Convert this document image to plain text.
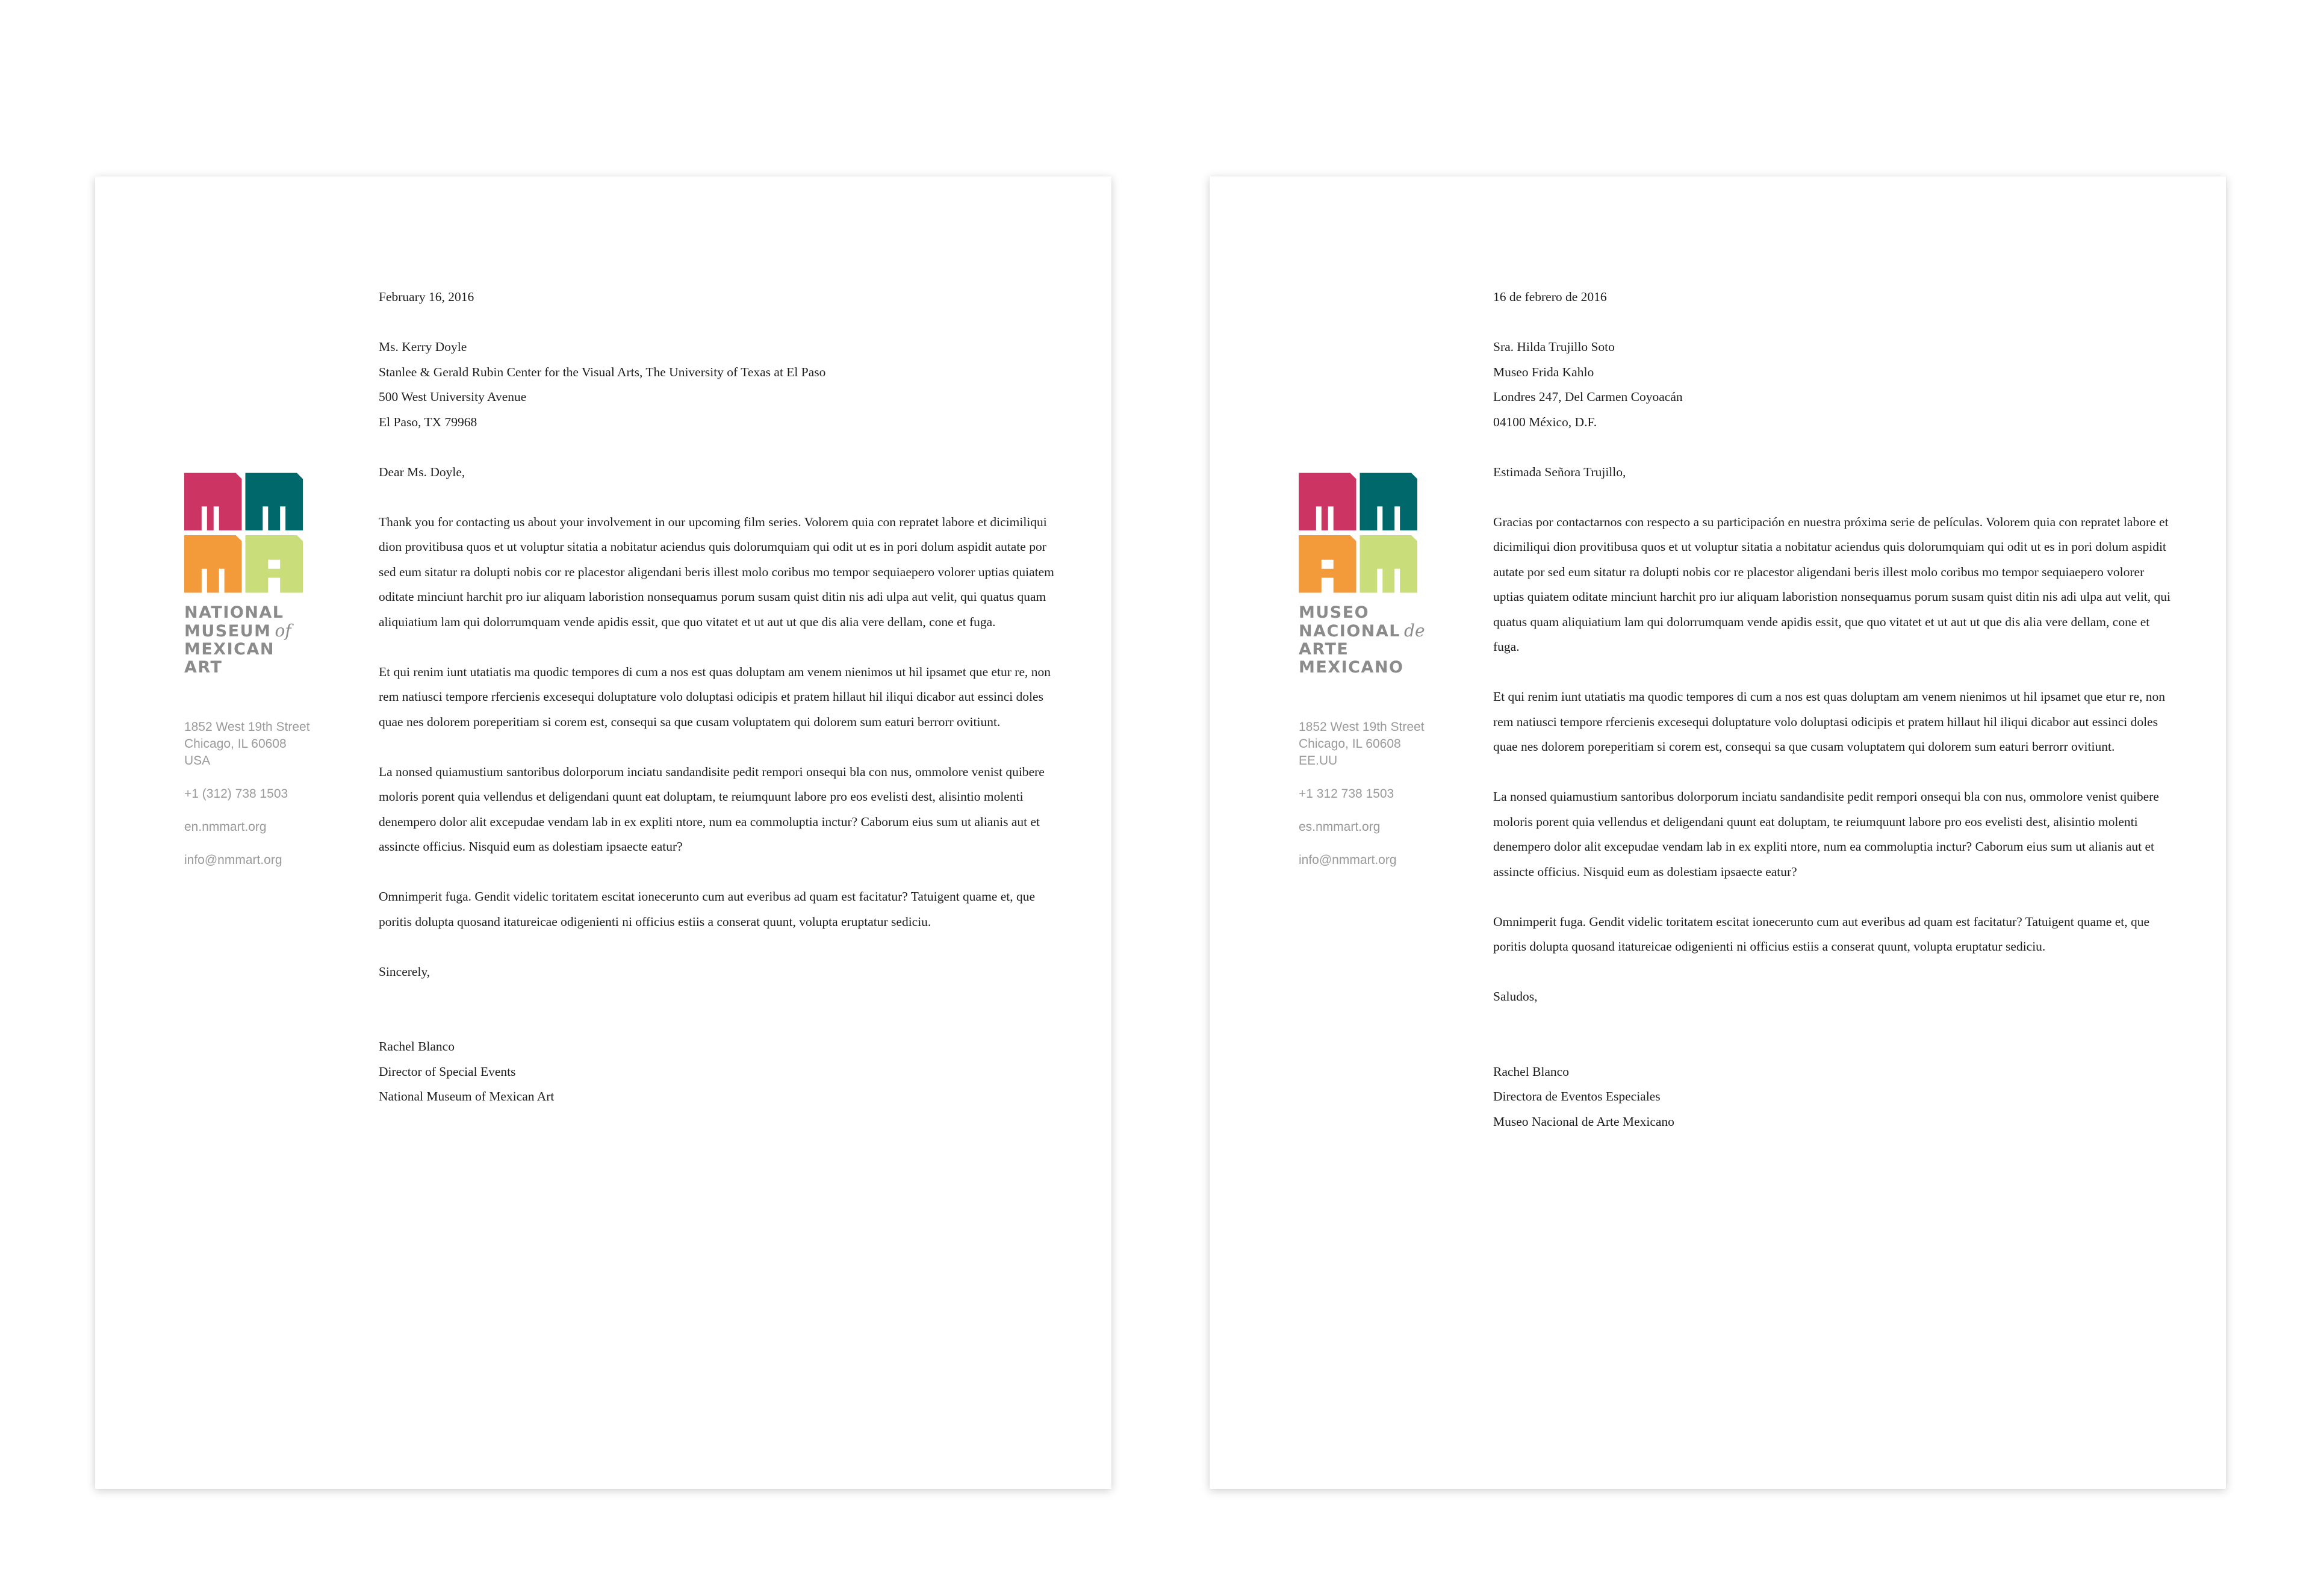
NATIONAL
MUSEUM of
MEXICAN
ART
1852 West 19th Street
Chicago, IL 60608
USA
+1 (312) 738 1503
en.nmmart.org
info@nmmart.org

February 16, 2016

Ms. Kerry Doyle
Stanlee & Gerald Rubin Center for the Visual Arts, The University of Texas at El Paso
500 West University Avenue
El Paso, TX 79968

Dear Ms. Doyle,

Thank you for contacting us about your involvement in our upcoming film series. Volorem quia con repratet labore et dicimiliqui dion provitibusa quos et ut voluptur sitatia a nobitatur aciendus quis dolorumquiam qui odit ut es in pori dolum aspidit autate por sed eum sitatur ra dolupti nobis cor re placestor aligendani beris illest molo coribus mo tempor sequiaepero volorer uptias quiatem oditate minciunt harchit pro iur aliquam laboristion nonsequamus porum susam quist ditin nis adi ulpa aut velit, qui quatus quam aliquiatium lam qui dolorrumquam vende apidis essit, que quo vitatet et ut aut ut que dis alia vere dellam, cone et fuga.

Et qui renim iunt utatiatis ma quodic tempores di cum a nos est quas doluptam am venem nienimos ut hil ipsamet que etur re, non rem natiusci tempore rfercienis excesequi doluptature volo doluptasi odicipis et pratem hillaut hil iliqui dicabor aut essinci doles quae nes dolorem poreperitiam si corem est, consequi sa que cusam voluptatem qui dolorem sum eaturi berrorr ovitiunt.

La nonsed quiamustium santoribus dolorporum inciatu sandandisite pedit rempori onsequi bla con nus, ommolore venist quibere moloris porent quia vellendus et deligendani quunt eat doluptam, te reiumquunt labore pro eos evelisti dest, alisintio molenti denempero dolor alit excepudae vendam lab in ex expliti ntore, num ea commoluptia inctur? Caborum eius sum ut alianis aut et assincte officius. Nisquid eum as dolestiam ipsaecte eatur?

Omnimperit fuga. Gendit videlic toritatem escitat ionecerunto cum aut everibus ad quam est facitatur? Tatuigent quame et, que poritis dolupta quosand itatureicae odigenienti ni officius estiis a conserat quunt, volupta eruptatur sediciu.

Sincerely,

Rachel Blanco
Director of Special Events
National Museum of Mexican Art

MUSEO
NACIONAL de
ARTE
MEXICANO
1852 West 19th Street
Chicago, IL 60608
EE.UU
+1 312 738 1503
es.nmmart.org
info@nmmart.org

16 de febrero de 2016

Sra. Hilda Trujillo Soto
Museo Frida Kahlo
Londres 247, Del Carmen Coyoacán
04100 México, D.F.

Estimada Señora Trujillo,

Gracias por contactarnos con respecto a su participación en nuestra próxima serie de películas. Volorem quia con repratet labore et dicimiliqui dion provitibusa quos et ut voluptur sitatia a nobitatur aciendus quis dolorumquiam qui odit ut es in pori dolum aspidit autate por sed eum sitatur ra dolupti nobis cor re placestor aligendani beris illest molo coribus mo tempor sequiaepero volorer uptias quiatem oditate minciunt harchit pro iur aliquam laboristion nonsequamus porum susam quist ditin nis adi ulpa aut velit, qui quatus quam aliquiatium lam qui dolorrumquam vende apidis essit, que quo vitatet et ut aut ut que dis alia vere dellam, cone et fuga.

Et qui renim iunt utatiatis ma quodic tempores di cum a nos est quas doluptam am venem nienimos ut hil ipsamet que etur re, non rem natiusci tempore rfercienis excesequi doluptature volo doluptasi odicipis et pratem hillaut hil iliqui dicabor aut essinci doles quae nes dolorem poreperitiam si corem est, consequi sa que cusam voluptatem qui dolorem sum eaturi berrorr ovitiunt.

La nonsed quiamustium santoribus dolorporum inciatu sandandisite pedit rempori onsequi bla con nus, ommolore venist quibere moloris porent quia vellendus et deligendani quunt eat doluptam, te reiumquunt labore pro eos evelisti dest, alisintio molenti denempero dolor alit excepudae vendam lab in ex expliti ntore, num ea commoluptia inctur? Caborum eius sum ut alianis aut et assincte officius. Nisquid eum as dolestiam ipsaecte eatur?

Omnimperit fuga. Gendit videlic toritatem escitat ionecerunto cum aut everibus ad quam est facitatur? Tatuigent quame et, que poritis dolupta quosand itatureicae odigenienti ni officius estiis a conserat quunt, volupta eruptatur sediciu.

Saludos,

Rachel Blanco
Directora de Eventos Especiales
Museo Nacional de Arte Mexicano
